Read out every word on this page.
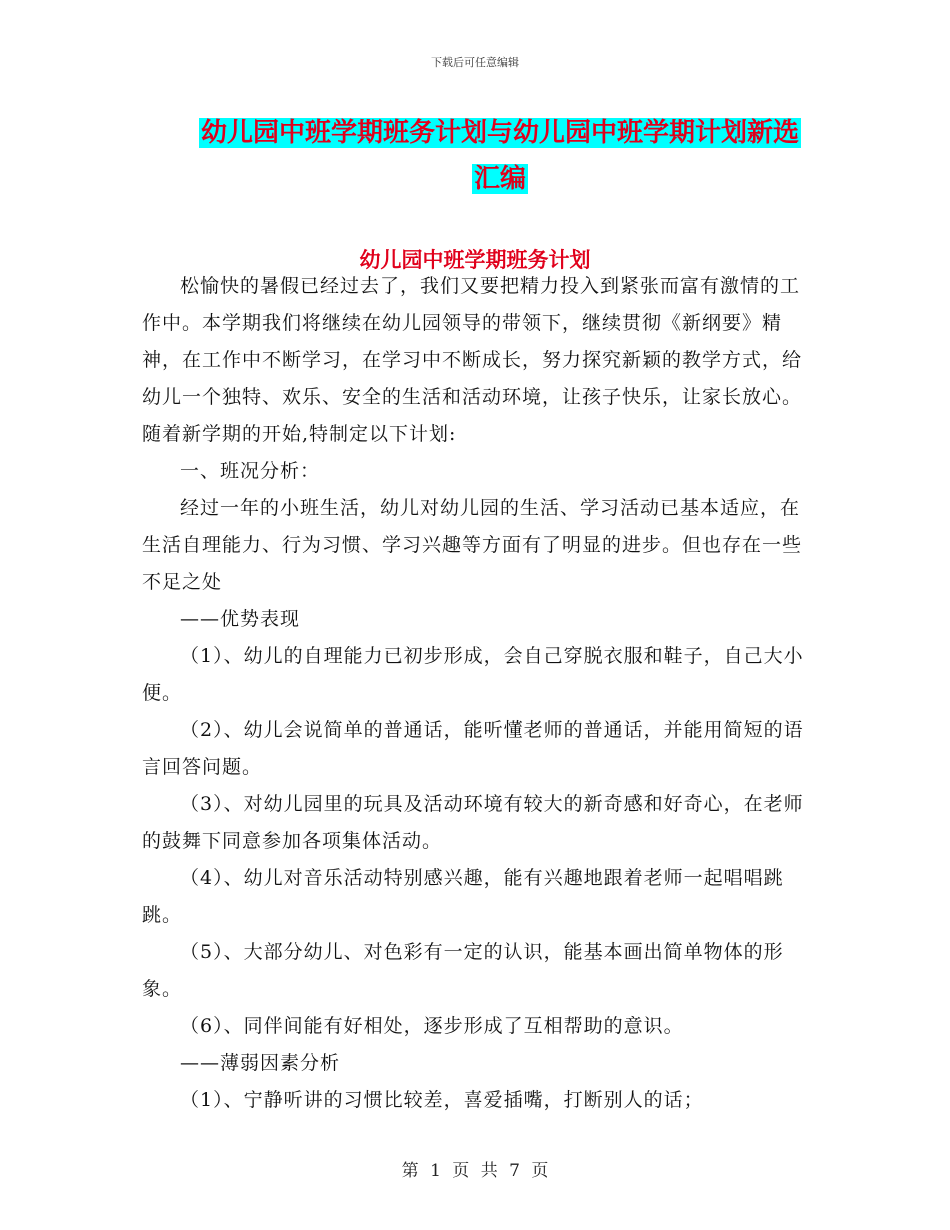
下载后可任意编辑
幼儿园中班学期班务计划与幼儿园中班学期计划新选
汇编
幼儿园中班学期班务计划

松愉快的暑假已经过去了，我们又要把精力投入到紧张而富有激情的工作中。本学期我们将继续在幼儿园领导的带领下，继续贯彻《新纲要》精神，在工作中不断学习，在学习中不断成长，努力探究新颖的教学方式，给幼儿一个独特、欢乐、安全的生活和活动环境，让孩子快乐，让家长放心。随着新学期的开始,特制定以下计划:

一、班况分析：

经过一年的小班生活，幼儿对幼儿园的生活、学习活动已基本适应，在生活自理能力、行为习惯、学习兴趣等方面有了明显的进步。但也存在一些不足之处

——优势表现

（1）、幼儿的自理能力已初步形成，会自己穿脱衣服和鞋子，自己大小便。

（2）、幼儿会说简单的普通话，能听懂老师的普通话，并能用简短的语言回答问题。

（3）、对幼儿园里的玩具及活动环境有较大的新奇感和好奇心，在老师的鼓舞下同意参加各项集体活动。

（4）、幼儿对音乐活动特别感兴趣，能有兴趣地跟着老师一起唱唱跳跳。

（5）、大部分幼儿、对色彩有一定的认识，能基本画出简单物体的形象。

（6）、同伴间能有好相处，逐步形成了互相帮助的意识。

——薄弱因素分析

（1）、宁静听讲的习惯比较差，喜爱插嘴，打断别人的话；

第 1 页 共 7 页
